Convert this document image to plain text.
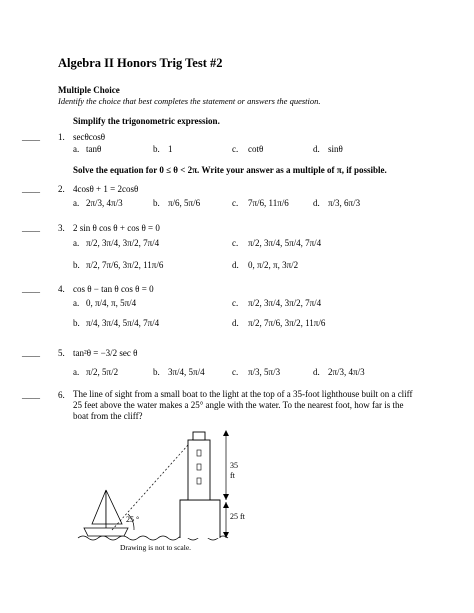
Algebra II Honors Trig Test #2
Multiple Choice
Identify the choice that best completes the statement or answers the question.
Simplify the trigonometric expression.
____ 1. secθcosθ
a. tanθ	b. 1	c. cotθ	d. sinθ
Solve the equation for 0 ≤ θ < 2π. Write your answer as a multiple of π, if possible.
____ 2. 4cosθ + 1 = 2cosθ
a. 2π/3, 4π/3	b. π/6, 5π/6	c. 7π/6, 11π/6	d. π/3, 6π/3
____ 3. 2 sin θ cos θ + cos θ = 0
a. π/2, 3π/4, 3π/2, 7π/4
b. π/2, 7π/6, 3π/2, 11π/6
c. π/2, 3π/4, 5π/4, 7π/4
d. 0, π/2, π, 3π/2
____ 4. cos θ − tan θ cos θ = 0
a. 0, π/4, π, 5π/4
b. π/4, 3π/4, 5π/4, 7π/4
c. π/2, 3π/4, 3π/2, 7π/4
d. π/2, 7π/6, 3π/2, 11π/6
____ 5. tan²θ = −3/2 sec θ
a. π/2, 5π/2	b. 3π/4, 5π/4	c. π/3, 5π/3	d. 2π/3, 4π/3
____ 6. The line of sight from a small boat to the light at the top of a 35-foot lighthouse built on a cliff 25 feet above the water makes a 25° angle with the water. To the nearest foot, how far is the boat from the cliff?
35
ft
25 ft
25 °
Drawing is not to scale.
